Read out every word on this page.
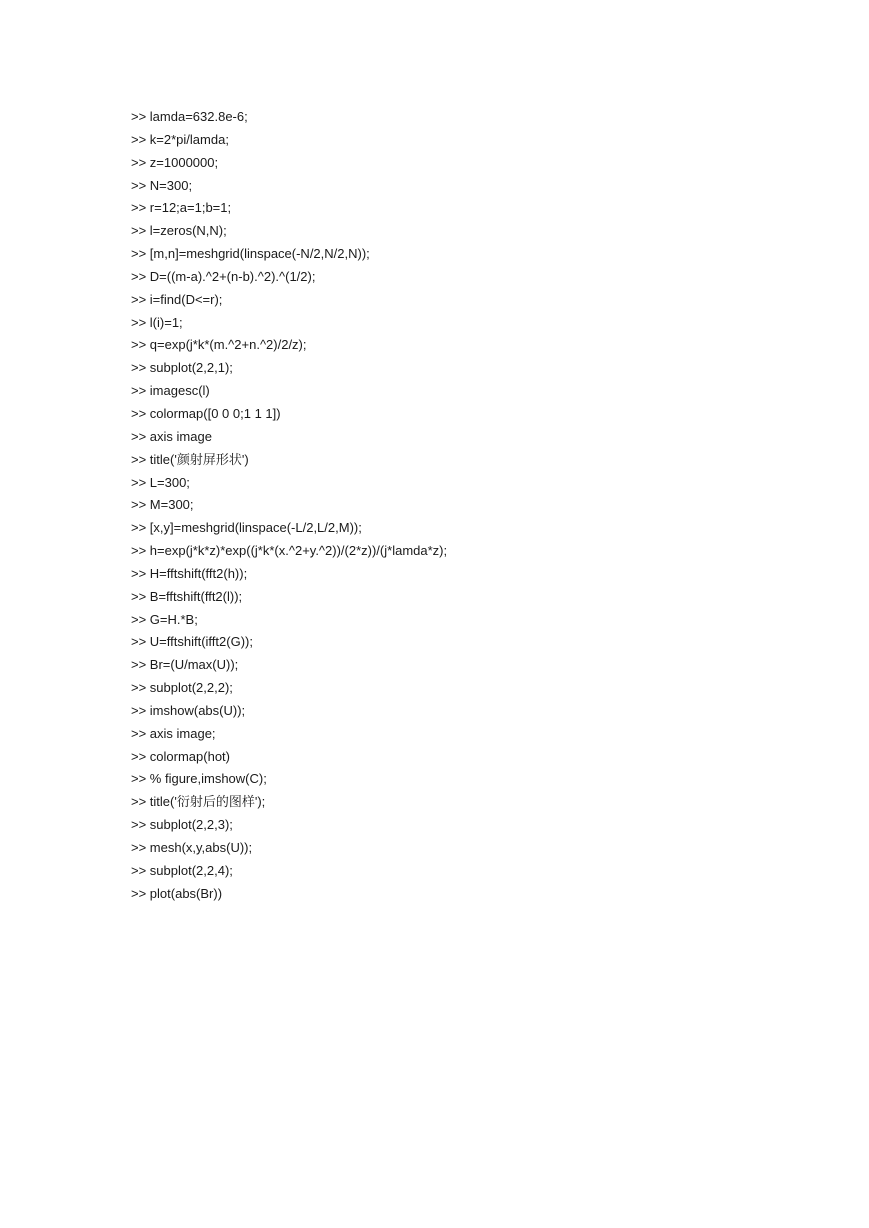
>> lamda=632.8e-6;
>> k=2*pi/lamda;
>> z=1000000;
>> N=300;
>> r=12;a=1;b=1;
>> l=zeros(N,N);
>> [m,n]=meshgrid(linspace(-N/2,N/2,N));
>> D=((m-a).^2+(n-b).^2).^(1/2);
>> i=find(D<=r);
>> l(i)=1;
>> q=exp(j*k*(m.^2+n.^2)/2/z);
>> subplot(2,2,1);
>> imagesc(l)
>> colormap([0 0 0;1 1 1])
>> axis image
>> title('颜射屏形状')
>> L=300;
>> M=300;
>> [x,y]=meshgrid(linspace(-L/2,L/2,M));
>> h=exp(j*k*z)*exp((j*k*(x.^2+y.^2))/(2*z))/(j*lamda*z);
>> H=fftshift(fft2(h));
>> B=fftshift(fft2(l));
>> G=H.*B;
>> U=fftshift(ifft2(G));
>> Br=(U/max(U));
>> subplot(2,2,2);
>> imshow(abs(U));
>> axis image;
>> colormap(hot)
>> % figure,imshow(C);
>> title('衍射后的图样');
>> subplot(2,2,3);
>> mesh(x,y,abs(U));
>> subplot(2,2,4);
>> plot(abs(Br))
